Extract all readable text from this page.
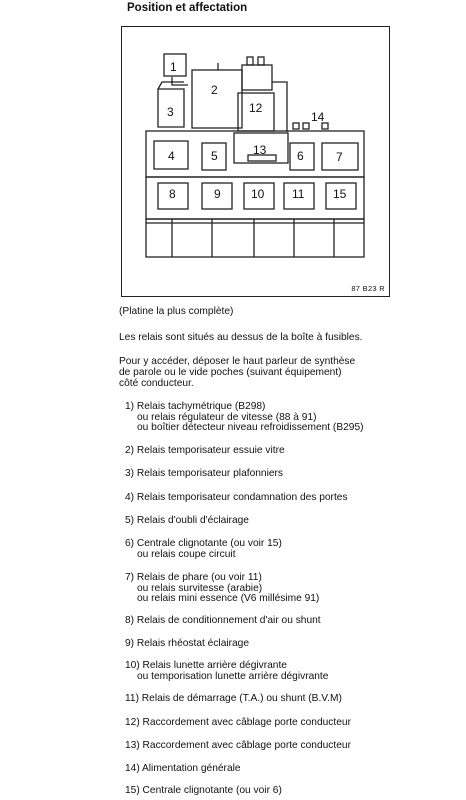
Position et affectation
1
2
3
4	5	6	7
8	9	10 11
12
13
14
15
87 B23 R
(Platine la plus complète)
Les relais sont situés au dessus de la boîte à fusibles.
Pour y accéder, déposer le haut parleur de synthèse
de parole ou le vide poches (suivant équipement)
côté conducteur.
1) Relais tachymétrique (B298)
ou relais régulateur de vitesse (88 à 91)
ou boîtier détecteur niveau refroidissement (B295)
2) Relais temporisateur essuie vitre
3) Relais temporisateur plafonniers
4) Relais temporisateur condamnation des portes
5) Relais d'oubli d'éclairage
6) Centrale clignotante (ou voir 15)
ou relais coupe circuit
7) Relais de phare (ou voir 11)
ou relais survitesse (arabie)
ou relais mini essence (V6 millésime 91)
8) Relais de conditionnement d'air ou shunt
9) Relais rhéostat éclairage
10) Relais lunette arrière dégivrante
ou temporisation lunette arrière dégivrante
11) Relais de démarrage (T.A.) ou shunt (B.V.M)
12) Raccordement avec câblage porte conducteur
13) Raccordement avec câblage porte conducteur
14) Alimentation générale
15) Centrale clignotante (ou voir 6)
